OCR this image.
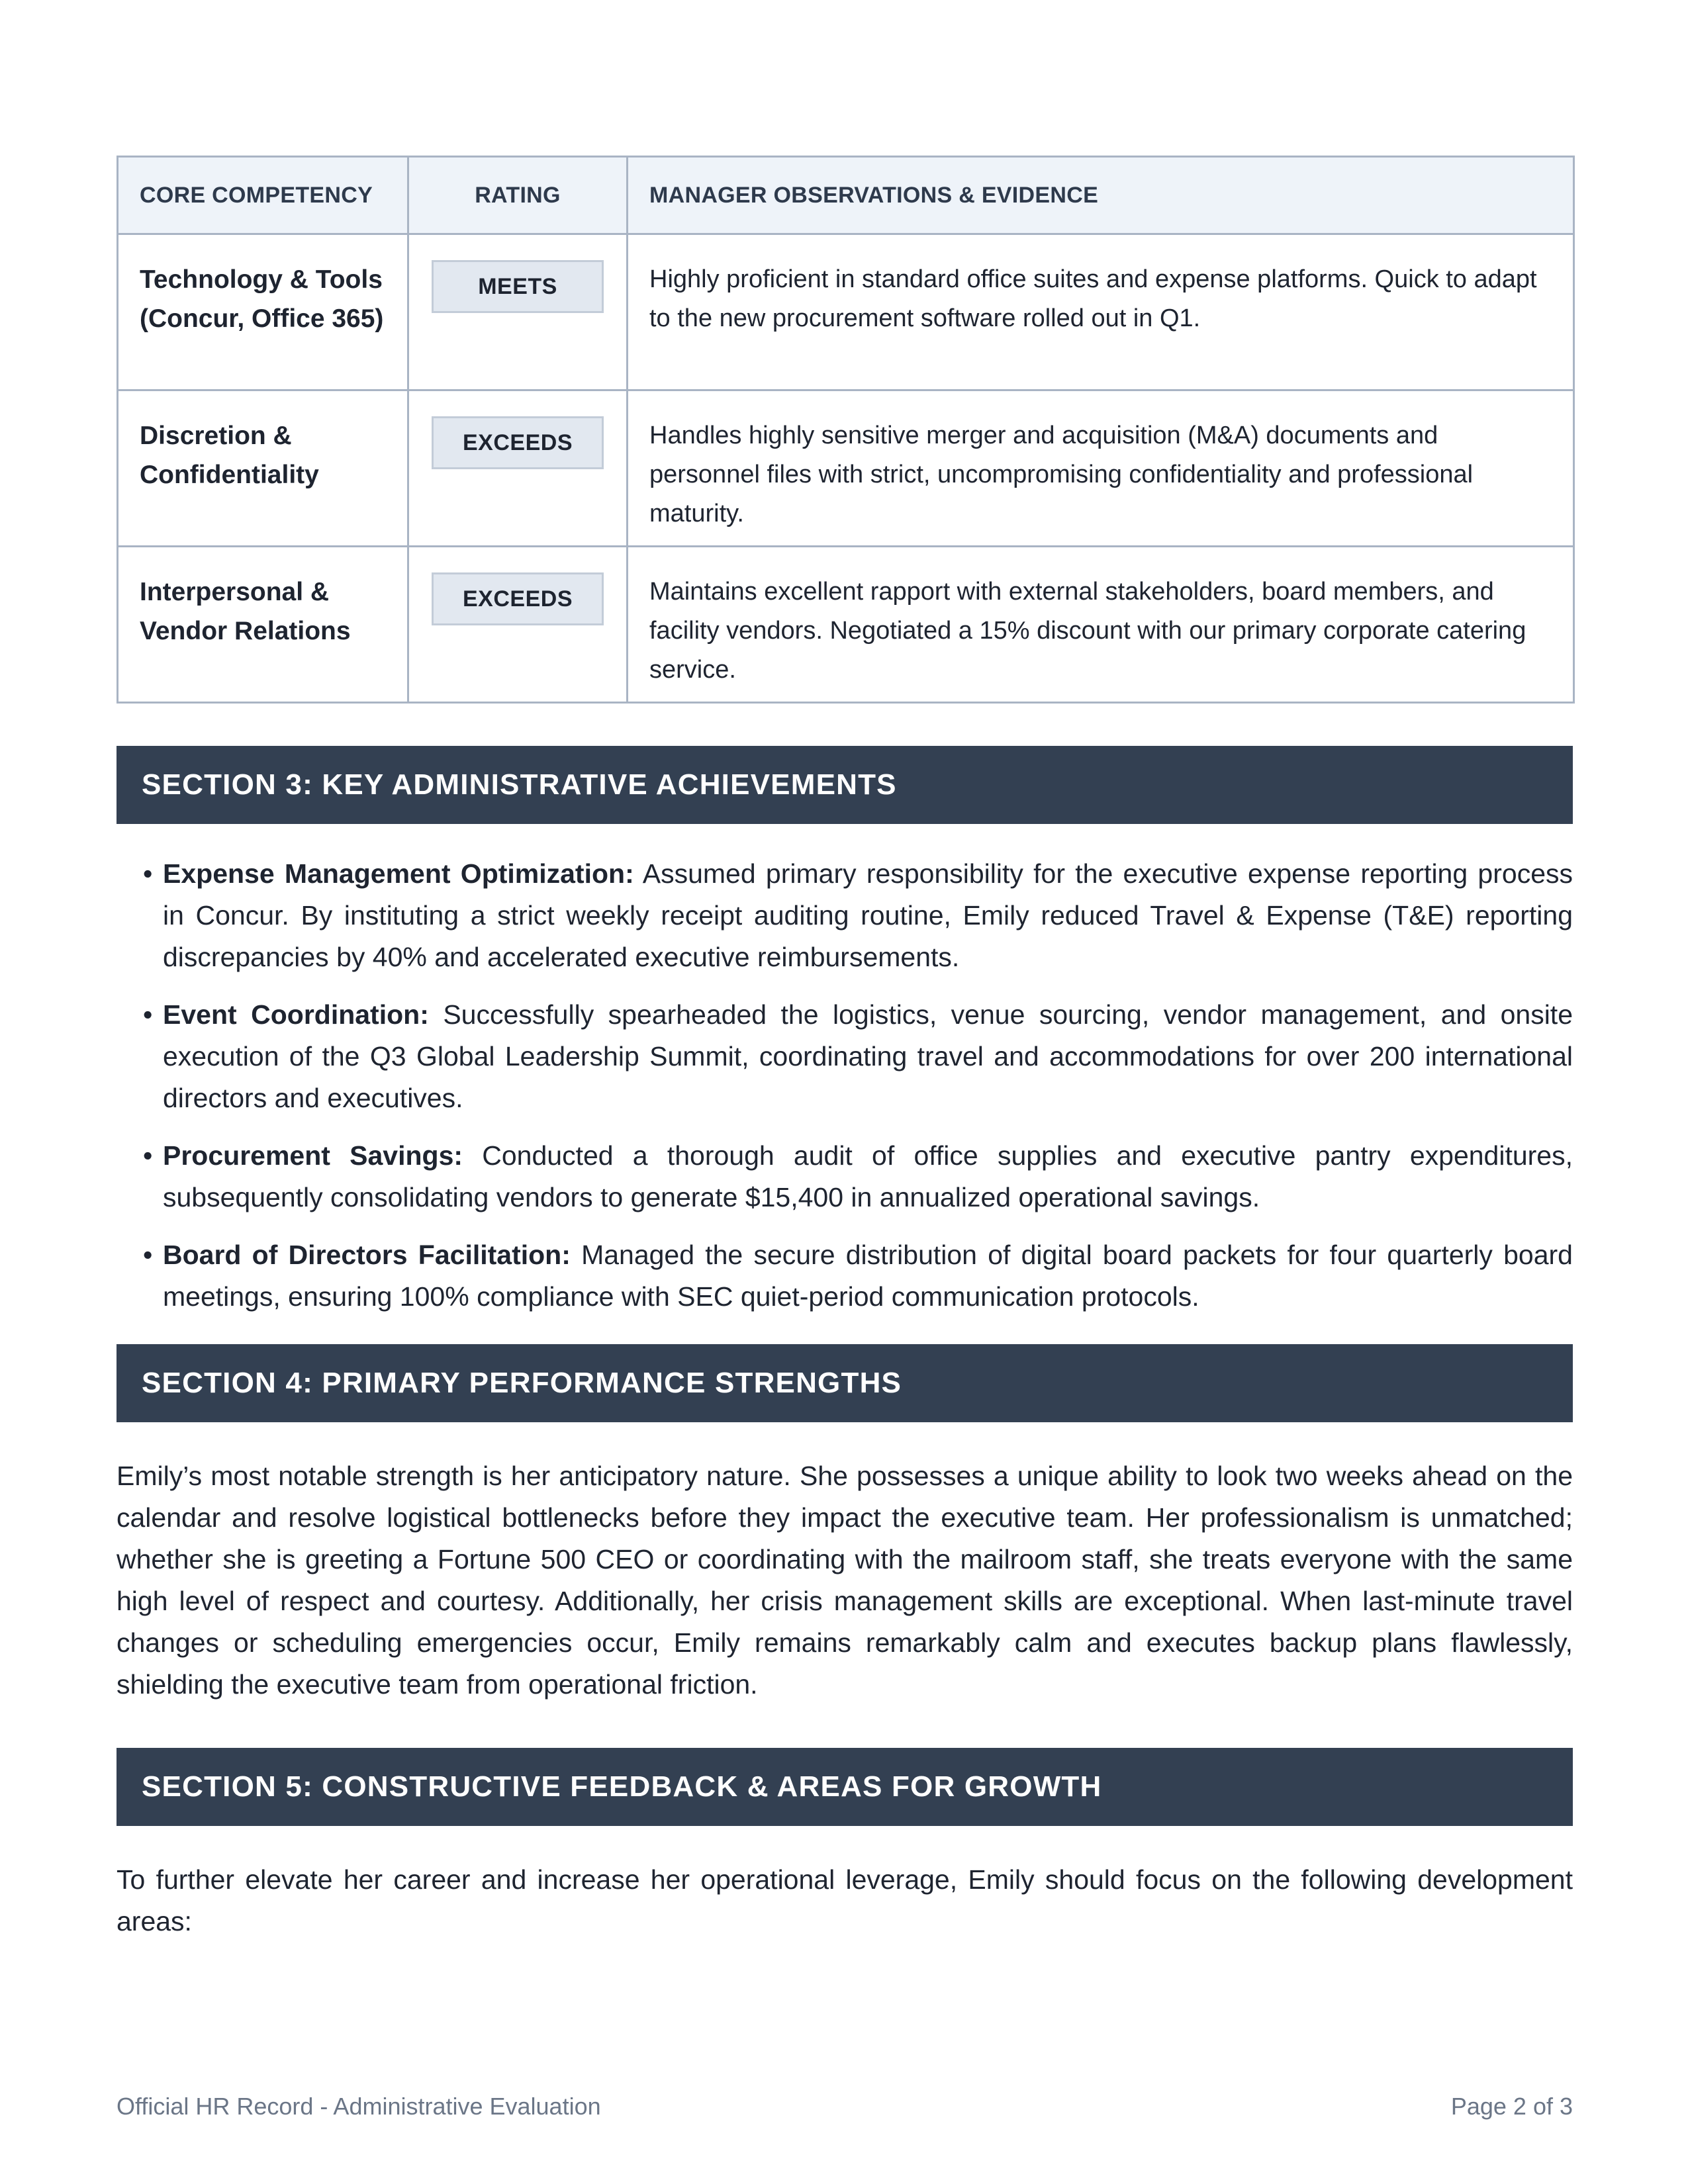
CORE COMPETENCY	RATING	MANAGER OBSERVATIONS & EVIDENCE
Technology & Tools (Concur, Office 365)	MEETS	Highly proficient in standard office suites and expense platforms. Quick to adapt to the new procurement software rolled out in Q1.
Discretion & Confidentiality	EXCEEDS	Handles highly sensitive merger and acquisition (M&A) documents and personnel files with strict, uncompromising confidentiality and professional maturity.
Interpersonal & Vendor Relations	EXCEEDS	Maintains excellent rapport with external stakeholders, board members, and facility vendors. Negotiated a 15% discount with our primary corporate catering service.
SECTION 3: KEY ADMINISTRATIVE ACHIEVEMENTS
• Expense Management Optimization: Assumed primary responsibility for the executive expense reporting process in Concur. By instituting a strict weekly receipt auditing routine, Emily reduced Travel & Expense (T&E) reporting discrepancies by 40% and accelerated executive reimbursements.
• Event Coordination: Successfully spearheaded the logistics, venue sourcing, vendor management, and onsite execution of the Q3 Global Leadership Summit, coordinating travel and accommodations for over 200 international directors and executives.
• Procurement Savings: Conducted a thorough audit of office supplies and executive pantry expenditures, subsequently consolidating vendors to generate $15,400 in annualized operational savings.
• Board of Directors Facilitation: Managed the secure distribution of digital board packets for four quarterly board meetings, ensuring 100% compliance with SEC quiet-period communication protocols.
SECTION 4: PRIMARY PERFORMANCE STRENGTHS

Emily’s most notable strength is her anticipatory nature. She possesses a unique ability to look two weeks ahead on the calendar and resolve logistical bottlenecks before they impact the executive team. Her professionalism is unmatched; whether she is greeting a Fortune 500 CEO or coordinating with the mailroom staff, she treats everyone with the same high level of respect and courtesy. Additionally, her crisis management skills are exceptional. When last-minute travel changes or scheduling emergencies occur, Emily remains remarkably calm and executes backup plans flawlessly, shielding the executive team from operational friction.

SECTION 5: CONSTRUCTIVE FEEDBACK & AREAS FOR GROWTH

To further elevate her career and increase her operational leverage, Emily should focus on the following development areas:

Official HR Record - Administrative Evaluation	Page 2 of 3
